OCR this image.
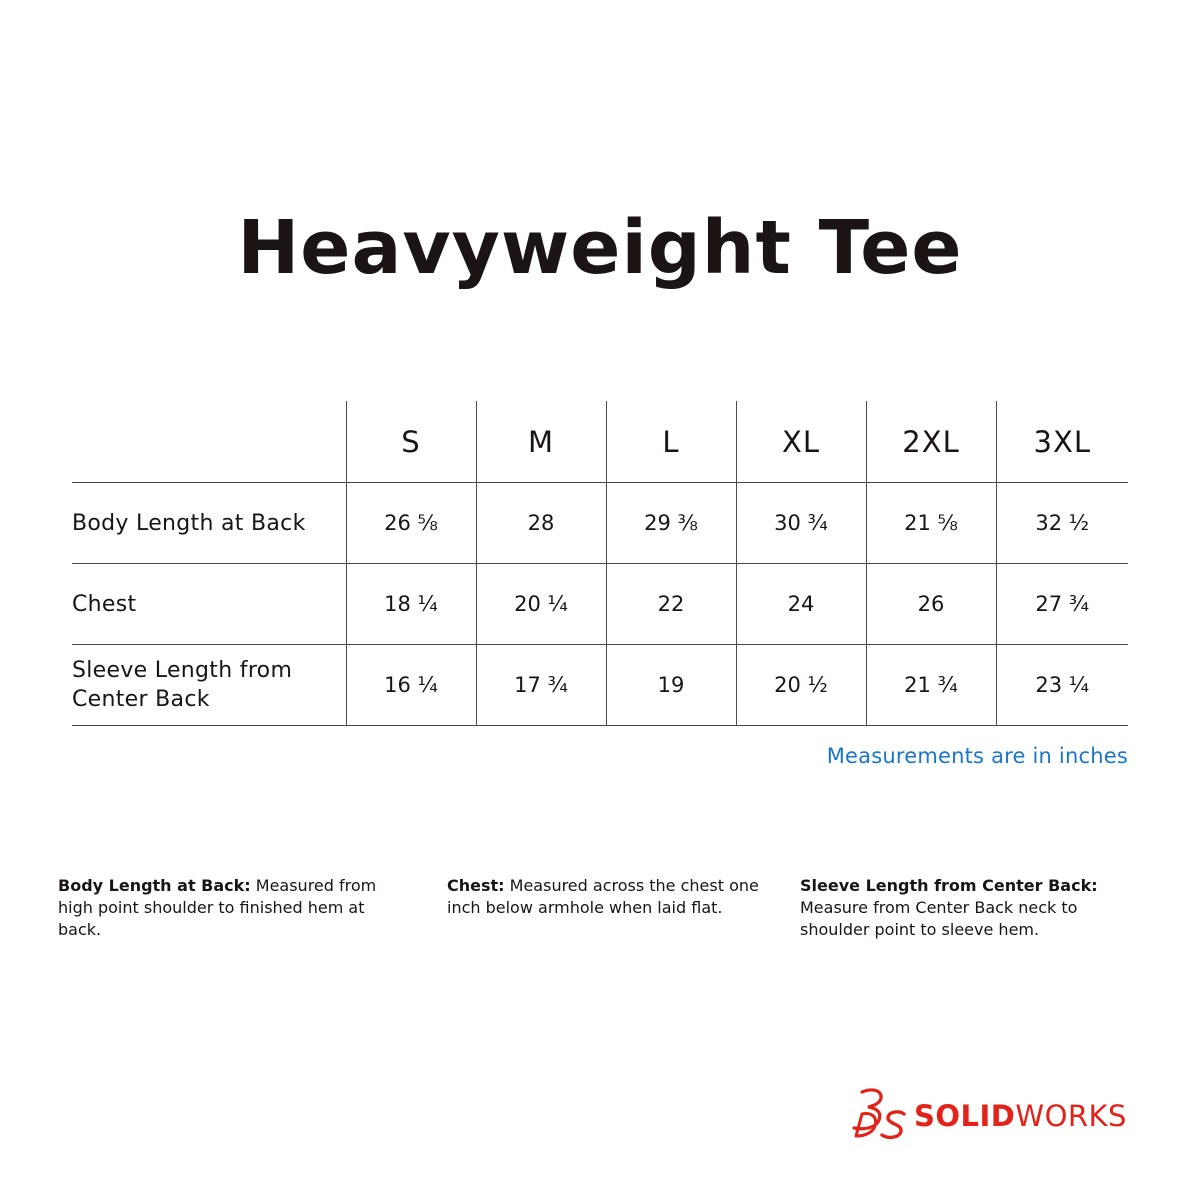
Heavyweight Tee
	S	M	L	XL	2XL	3XL
Body Length at Back	26 ⅝	28	29 ⅜	30 ¾	21 ⅝	32 ½
Chest	18 ¼	20 ¼	22	24	26	27 ¾
Sleeve Length from Center Back	16 ¼	17 ¾	19	20 ½	21 ¾	23 ¼
Measurements are in inches
Body Length at Back: Measured from high point shoulder to finished hem at back.
Chest: Measured across the chest one inch below armhole when laid flat.
Sleeve Length from Center Back: Measure from Center Back neck to shoulder point to sleeve hem.
SOLIDWORKS
